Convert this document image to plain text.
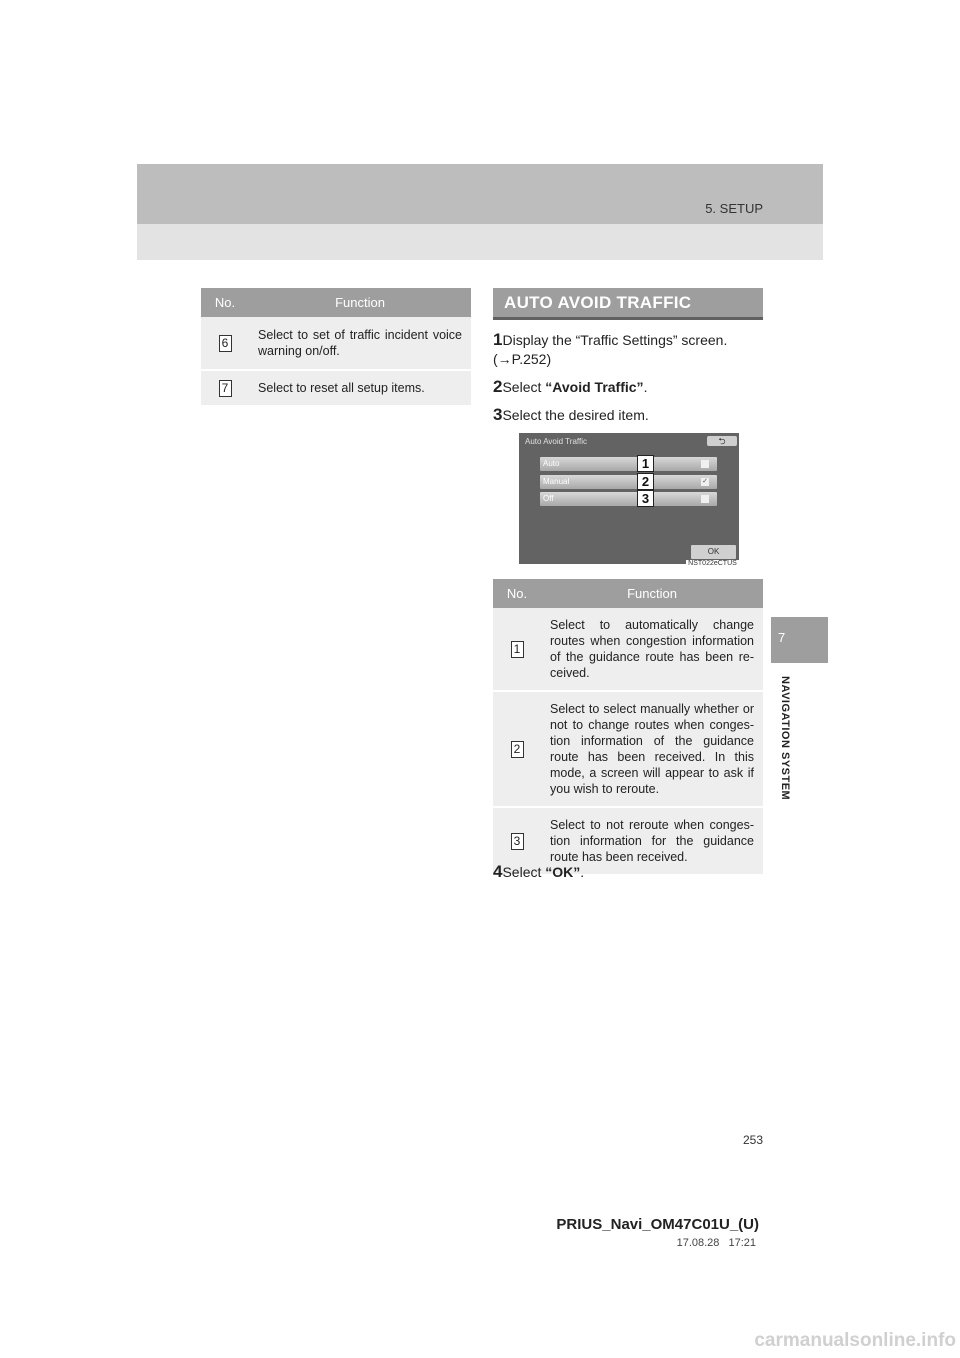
5. SETUP
7
NAVIGATION SYSTEM
No.	Function
6	Select to set of traffic incident voice warning on/off.
7	Select to reset all setup items.
AUTO AVOID TRAFFIC
1Display the “Traffic Settings” screen. (→P.252)
2Select “Avoid Traffic”.
3Select the desired item.
Auto Avoid Traffic	⮌
Auto
Manual	✓
Off
1
2
3
OK
NST022eCTUS
No.	Function
1	Select to automatically change routes when congestion information of the guidance route has been re-ceived.
2	Select to select manually whether or not to change routes when conges-tion information of the guidance route has been received. In this mode, a screen will appear to ask if you wish to reroute.
3	Select to not reroute when conges-tion information for the guidance route has been received.
4Select “OK”.
253
PRIUS_Navi_OM47C01U_(U)
17.08.28 17:21
carmanualsonline.info
